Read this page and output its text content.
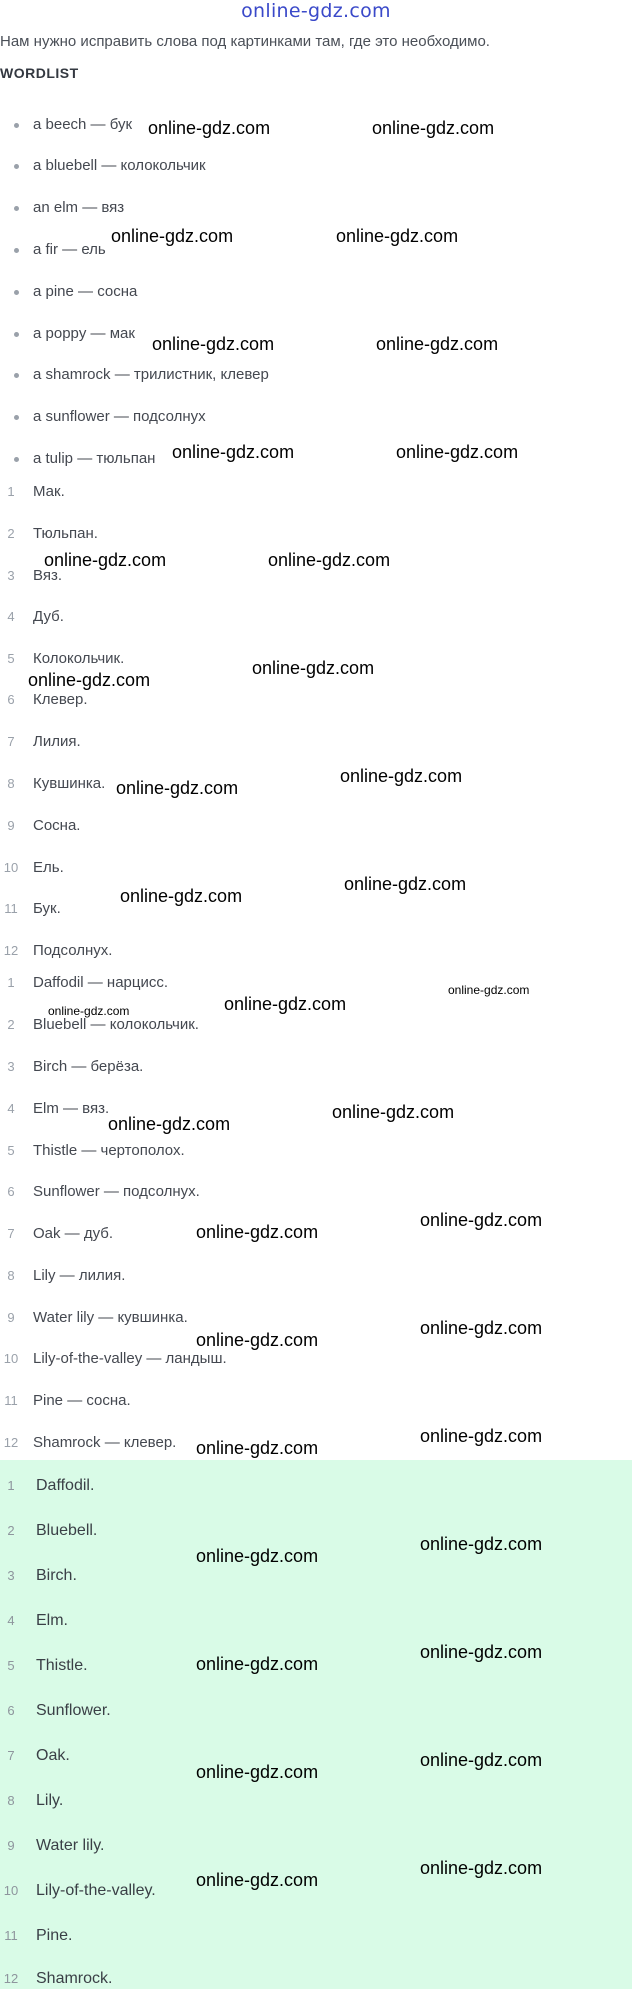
online-gdz.com
Нам нужно исправить слова под картинками там, где это необходимо.
WORDLIST
a beech — бук
a bluebell — колокольчик
an elm — вяз
a fir — ель
a pine — сосна
a poppy — мак
a shamrock — трилистник, клевер
a sunflower — подсолнух
a tulip — тюльпан
1	Мак.
2	Тюльпан.
3	Вяз.
4	Дуб.
5	Колокольчик.
6	Клевер.
7	Лилия.
8	Кувшинка.
9	Сосна.
10 Ель.
11 Бук.
12 Подсолнух.
1	Daffodil — нарцисс.
2	Bluebell — колокольчик.
3	Birch — берёза.
4	Elm — вяз.
5	Thistle — чертополох.
6	Sunflower — подсолнух.
7	Oak — дуб.
8	Lily — лилия.
9	Water lily — кувшинка.
10 Lily-of-the-valley — ландыш.
11 Pine — сосна.
12 Shamrock — клевер.
1	Daffodil.
2	Bluebell.
3	Birch.
4	Elm.
5	Thistle.
6	Sunflower.
7	Oak.
8	Lily.
9	Water lily.
10 Lily-of-the-valley.
11 Pine.
12 Shamrock.
online-gdz.com	online-gdz.com
online-gdz.com	online-gdz.com
online-gdz.com	online-gdz.com
online-gdz.com	online-gdz.com
online-gdz.com	online-gdz.com
online-gdz.com
online-gdz.com
online-gdz.com
online-gdz.com
online-gdz.com
online-gdz.com
online-gdz.com
online-gdz.com
online-gdz.com
online-gdz.com
online-gdz.com
online-gdz.com
online-gdz.com
online-gdz.com
online-gdz.com
online-gdz.com
online-gdz.com
online-gdz.com
online-gdz.com
online-gdz.com
online-gdz.com
online-gdz.com
online-gdz.com
online-gdz.com
online-gdz.com
